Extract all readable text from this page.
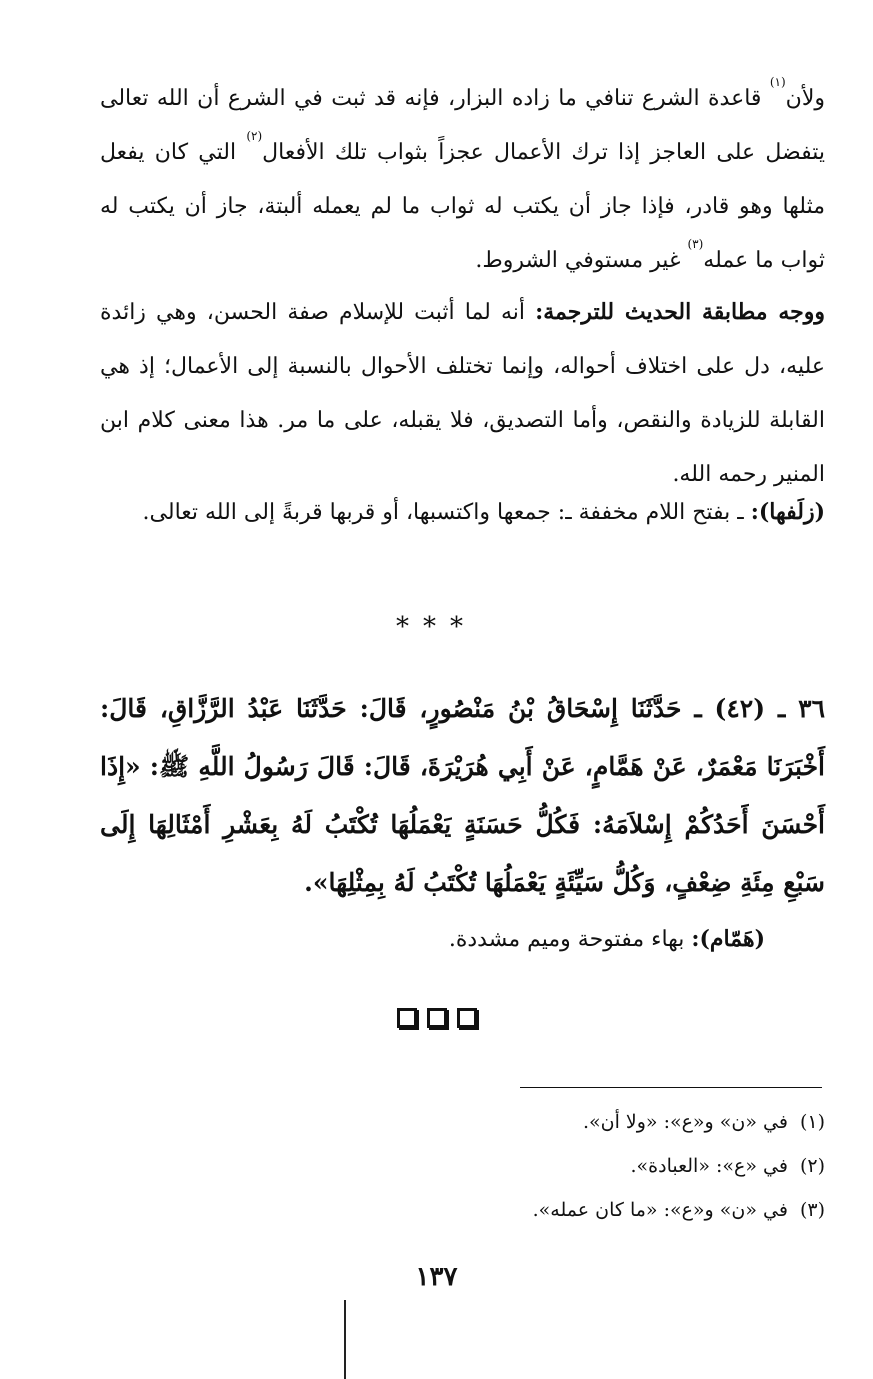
ولأن$^{(١)}$ قاعدة الشرع تنافي ما زاده البزار، فإنه قد ثبت في الشرع أن الله تعالى يتفضل على العاجز إذا ترك الأعمال عجزاً بثواب تلك الأفعال$^{(٢)}$ التي كان يفعل مثلها وهو قادر، فإذا جاز أن يكتب له ثواب ما لم يعمله ألبتة، جاز أن يكتب له ثواب ما عمله$^{(٣)}$ غير مستوفي الشروط.

ووجه مطابقة الحديث للترجمة: أنه لما أثبت للإسلام صفة الحسن، وهي زائدة عليه، دل على اختلاف أحواله، وإنما تختلف الأحوال بالنسبة إلى الأعمال؛ إذ هي القابلة للزيادة والنقص، وأما التصديق، فلا يقبله، على ما مر. هذا معنى كلام ابن المنير رحمه الله.

(زلَفها): ـ بفتح اللام مخففة ـ: جمعها واكتسبها، أو قربها قربةً إلى الله تعالى.

***

٣٦ ـ (٤٢) ـ حَدَّثَنَا إِسْحَاقُ بْنُ مَنْصُورٍ، قَالَ: حَدَّثَنَا عَبْدُ الرَّزَّاقِ، قَالَ: أَخْبَرَنَا مَعْمَرٌ، عَنْ هَمَّامٍ، عَنْ أَبِي هُرَيْرَةَ، قَالَ: قَالَ رَسُولُ اللَّهِ ﷺ: «إِذَا أَحْسَنَ أَحَدُكُمْ إِسْلاَمَهُ: فَكُلُّ حَسَنَةٍ يَعْمَلُهَا تُكْتَبُ لَهُ بِعَشْرِ أَمْثَالِهَا إِلَى سَبْعِ مِئَةِ ضِعْفٍ، وَكُلُّ سَيِّئَةٍ يَعْمَلُهَا تُكْتَبُ لَهُ بِمِثْلِهَا».

(هَمّام): بهاء مفتوحة وميم مشددة.

(١)في «ن» و«ع»: «ولا أن».
(٢)في «ع»: «العبادة».
(٣)في «ن» و«ع»: «ما كان عمله».
١٣٧
